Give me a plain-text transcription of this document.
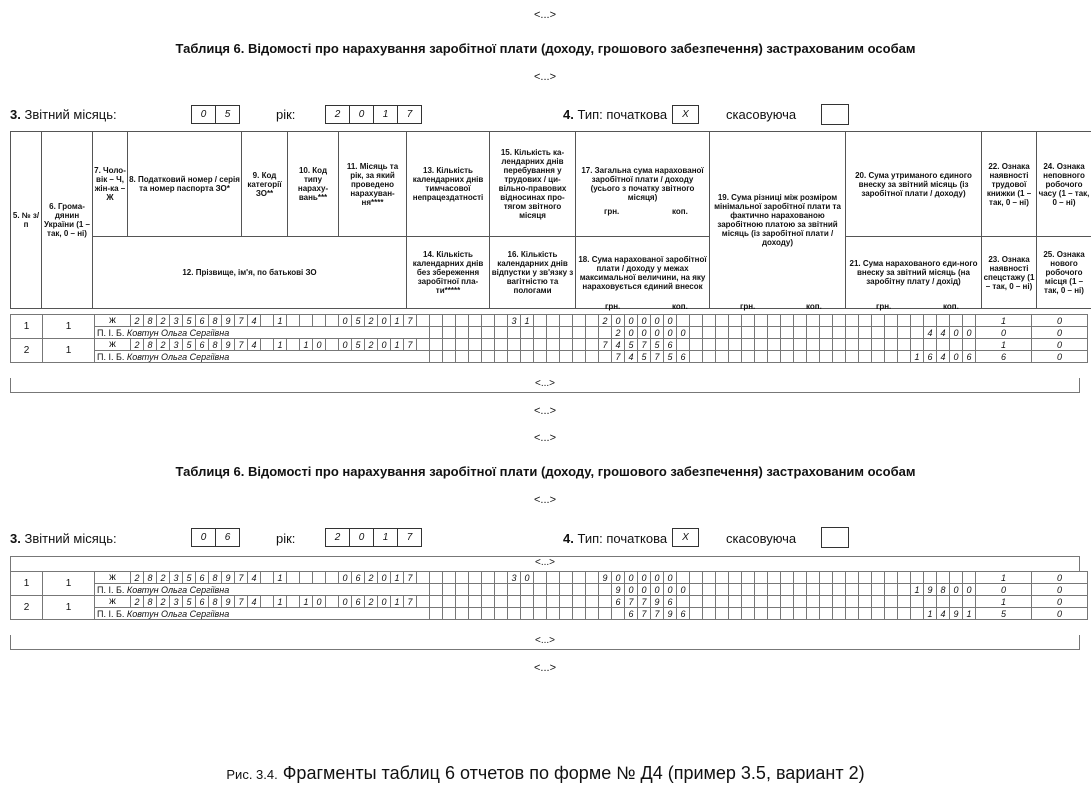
<...>
Таблиця 6. Відомості про нарахування заробітної плати (доходу, грошового забезпечення) застрахованим особам
<...>
3. Звітний місяць:	0	5	рік:	2	0	1	7	4. Тип: початкова	X	скасовуюча
5. № з/п	6. Грома-дянин України (1 – так, 0 – ні)	7. Чоло-вік – Ч, жін-ка – Ж	8. Податковий номер / серія та номер паспорта ЗО*	9. Код категорії ЗО**	10. Код типу нараху-вань***	11. Місяць та рік, за який проведено нарахуван-ня****	13. Кількість календарних днів тимчасової непрацездатності	15. Кількість ка-лендарних днів перебування у трудових / ци-вільно-правових відносинах про-тягом звітного місяця	17. Загальна сума нарахованої заробітної плати / доходу (усього з початку звітного місяця)	19. Сума різниці між розміром мінімальної заробітної плати та фактично нарахованою заробітною платою за звітний місяць (із заробітної плати / доходу)	20. Сума утриманого єдиного внеску за звітний місяць (із заробітної плати / доходу)	22. Ознака наявності трудової книжки (1 – так, 0 – ні)	24. Ознака неповного робочого часу (1 – так, 0 – ні)
		12. Прізвище, ім'я, по батькові ЗО					14. Кількість календарних днів без збереження заробітної пла-ти*****	16. Кількість календарних днів відпустки у зв'язку з вагітністю та пологами	18. Сума нарахованої заробітної плати / доходу у межах максимальної величини, на яку нараховується єдиний внесок		21. Сума нарахованого єди-ного внеску за звітний місяць (на заробітну плату / дохід)	23. Ознака наявності спецстажу (1 – так, 0 – ні)	25. Ознака нового робочого місця (1 – так, 0 – ні)
грн.	коп.
грн.	коп.	грн.	коп.	грн.	коп.
1	1	ж	2	8	2	3	5	6	8	9	7	4		1					0	5	2	0	1	7								3	1						2	0	0	0	0	0																								1	0
П. І. Б. Ковтун Ольга Сергіївна															2	0	0	0	0	0																			4	4	0	0	0	0	
2	1	ж	2	8	2	3	5	6	8	9	7	4		1		1	0		0	5	2	0	1	7															7	4	5	7	5	6																								1	0
П. І. Б. Ковтун Ольга Сергіївна															7	4	5	7	5	6																		1	6	4	0	6	6	0	
<...>
<...>
<...>
Таблиця 6. Відомості про нарахування заробітної плати (доходу, грошового забезпечення) застрахованим особам
<...>
3. Звітний місяць:	0	6	рік:	2	0	1	7	4. Тип: початкова	X	скасовуюча
<...>
1	1	ж	2	8	2	3	5	6	8	9	7	4		1					0	6	2	0	1	7								3	0						9	0	0	0	0	0																								1	0
П. І. Б. Ковтун Ольга Сергіївна															9	0	0	0	0	0																		1	9	8	0	0	0	0	
2	1	ж	2	8	2	3	5	6	8	9	7	4		1		1	0		0	6	2	0	1	7																6	7	7	9	6																								1	0
П. І. Б. Ковтун Ольга Сергіївна																6	7	7	9	6																			1	4	9	1	5	0	
<...>
<...>
Рис. 3.4. Фрагменты таблиц 6 отчетов по форме № Д4 (пример 3.5, вариант 2)
